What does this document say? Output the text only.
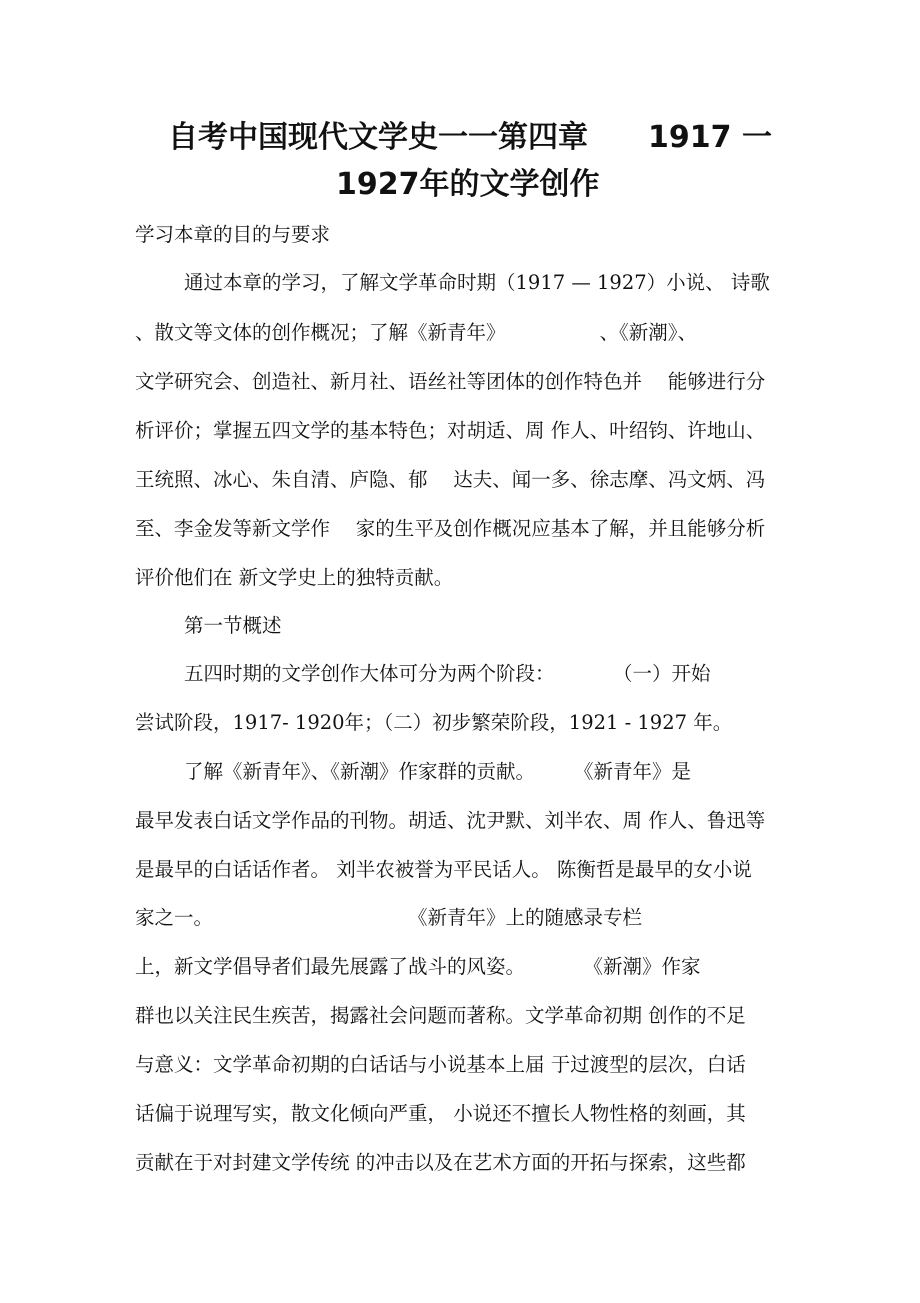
自考中国现代文学史一一第四章　　1917 一
1927年的文学创作

学习本章的目的与要求

通过本章的学习，了解文学革命时期（1917 — 1927）小说、 诗歌

、散文等文体的创作概况；了解《新青年》　　　　　 、《新潮》、

文学研究会、创造社、新月社、语丝社等团体的创作特色并　 能够进行分

析评价；掌握五四文学的基本特色；对胡适、周 作人、叶绍钧、许地山、

王统照、冰心、朱自清、庐隐、郁　 达夫、闻一多、徐志摩、冯文炳、冯

至、李金发等新文学作　 家的生平及创作概况应基本了解，并且能够分析

评价他们在 新文学史上的独特贡献。

第一节概述

五四时期的文学创作大体可分为两个阶段：　　　　（一）开始

尝试阶段，1917- 1920年；（二）初步繁荣阶段，1921 - 1927 年。

了解《新青年》、《新潮》作家群的贡献。　　　《新青年》是

最早发表白话文学作品的刊物。胡适、沈尹默、刘半农、周 作人、鲁迅等

是最早的白话话作者。 刘半农被誉为平民话人。 陈衡哲是最早的女小说

家之一。　　　　　　　　　　　《新青年》上的随感录专栏

上，新文学倡导者们最先展露了战斗的风姿。　　　　《新潮》作家

群也以关注民生疾苦，揭露社会问题而著称。文学革命初期 创作的不足

与意义：文学革命初期的白话话与小说基本上届 于过渡型的层次，白话

话偏于说理写实，散文化倾向严重， 小说还不擅长人物性格的刻画，其

贡献在于对封建文学传统 的冲击以及在艺术方面的开拓与探索，这些都
